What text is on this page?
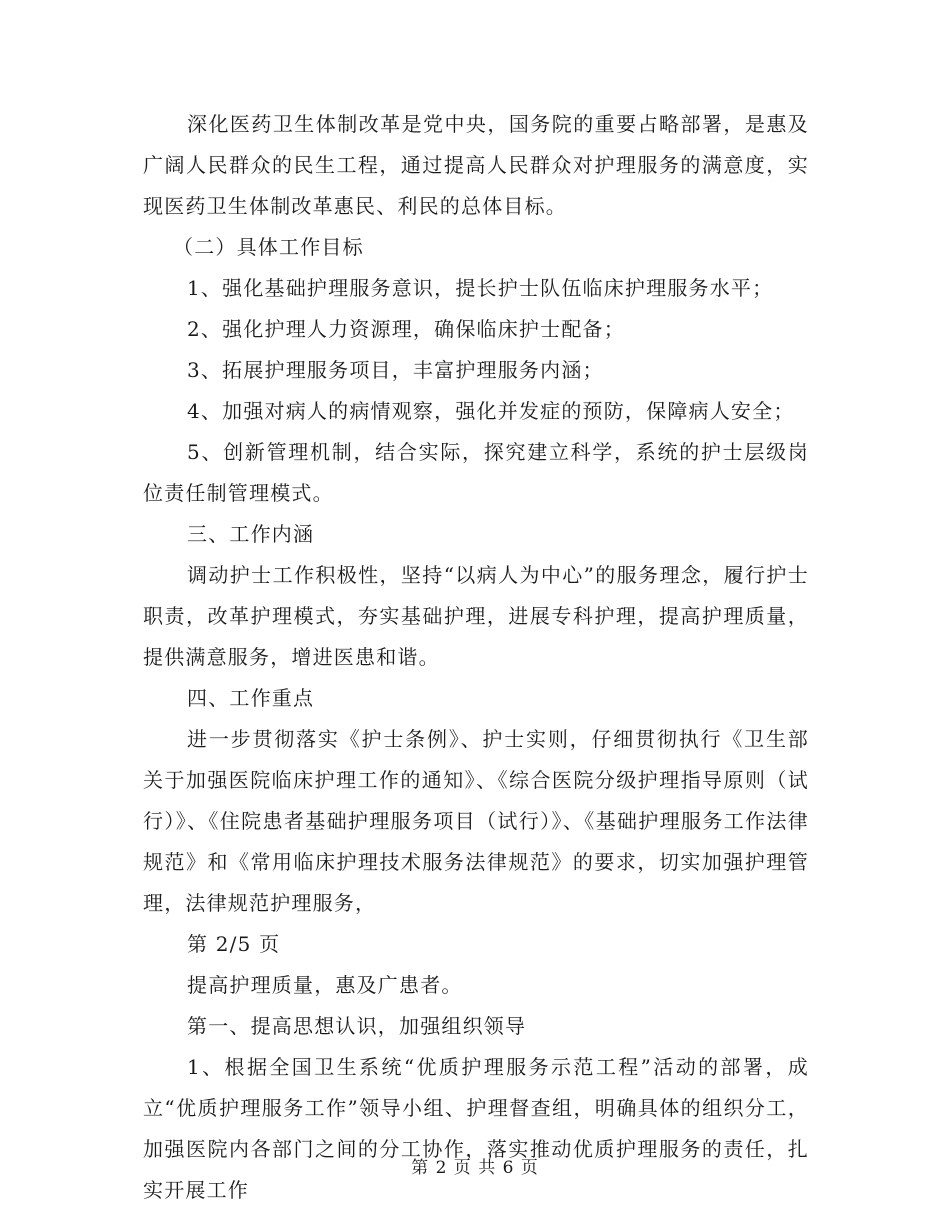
深化医药卫生体制改革是党中央，国务院的重要占略部署，是惠及广阔人民群众的民生工程，通过提高人民群众对护理服务的满意度，实现医药卫生体制改革惠民、利民的总体目标。

（二）具体工作目标

1、强化基础护理服务意识，提长护士队伍临床护理服务水平；

2、强化护理人力资源理，确保临床护士配备；

3、拓展护理服务项目，丰富护理服务内涵；

4、加强对病人的病情观察，强化并发症的预防，保障病人安全；

5、创新管理机制，结合实际，探究建立科学，系统的护士层级岗位责任制管理模式。

三、工作内涵

调动护士工作积极性，坚持“以病人为中心”的服务理念，履行护士职责，改革护理模式，夯实基础护理，进展专科护理，提高护理质量，提供满意服务，增进医患和谐。

四、工作重点

进一步贯彻落实《护士条例》、护士实则，仔细贯彻执行《卫生部关于加强医院临床护理工作的通知》、《综合医院分级护理指导原则（试行）》、《住院患者基础护理服务项目（试行）》、《基础护理服务工作法律规范》和《常用临床护理技术服务法律规范》的要求，切实加强护理管理，法律规范护理服务，

第 2/5 页

提高护理质量，惠及广患者。

第一、提高思想认识，加强组织领导

1、根据全国卫生系统“优质护理服务示范工程”活动的部署，成立“优质护理服务工作”领导小组、护理督查组，明确具体的组织分工，加强医院内各部门之间的分工协作，落实推动优质护理服务的责任，扎实开展工作

第 2 页 共 6 页
